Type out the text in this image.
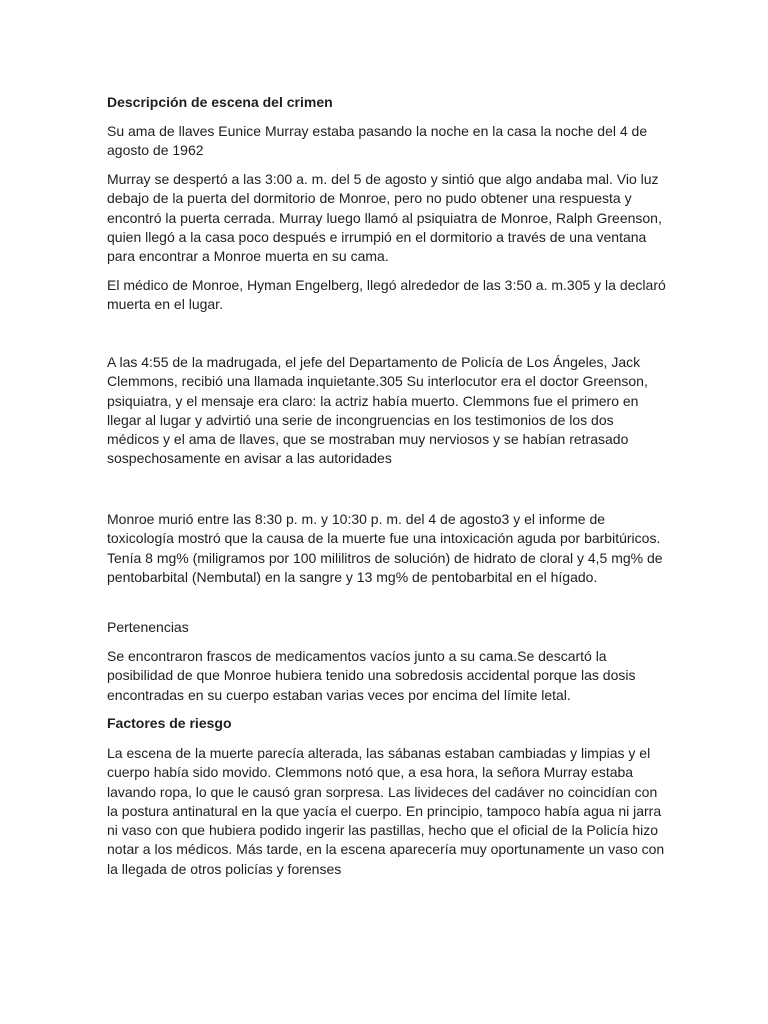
Descripción de escena del crimen

Su ama de llaves Eunice Murray estaba pasando la noche en la casa la noche del 4 de agosto de 1962

Murray se despertó a las 3:00 a. m. del 5 de agosto y sintió que algo andaba mal. Vio luz debajo de la puerta del dormitorio de Monroe, pero no pudo obtener una respuesta y encontró la puerta cerrada. Murray luego llamó al psiquiatra de Monroe, Ralph Greenson, quien llegó a la casa poco después e irrumpió en el dormitorio a través de una ventana para encontrar a Monroe muerta en su cama.

El médico de Monroe, Hyman Engelberg, llegó alrededor de las 3:50 a. m.305 y la declaró muerta en el lugar.

A las 4:55 de la madrugada, el jefe del Departamento de Policía de Los Ángeles, Jack Clemmons, recibió una llamada inquietante.305 Su interlocutor era el doctor Greenson, psiquiatra, y el mensaje era claro: la actriz había muerto. Clemmons fue el primero en llegar al lugar y advirtió una serie de incongruencias en los testimonios de los dos médicos y el ama de llaves, que se mostraban muy nerviosos y se habían retrasado sospechosamente en avisar a las autoridades

Monroe murió entre las 8:30 p. m. y 10:30 p. m. del 4 de agosto3 y el informe de toxicología mostró que la causa de la muerte fue una intoxicación aguda por barbitúricos. Tenía 8 mg% (miligramos por 100 mililitros de solución) de hidrato de cloral y 4,5 mg% de pentobarbital (Nembutal) en la sangre y 13 mg% de pentobarbital en el hígado.

Pertenencias

Se encontraron frascos de medicamentos vacíos junto a su cama.Se descartó la posibilidad de que Monroe hubiera tenido una sobredosis accidental porque las dosis encontradas en su cuerpo estaban varias veces por encima del límite letal.

Factores de riesgo

La escena de la muerte parecía alterada, las sábanas estaban cambiadas y limpias y el cuerpo había sido movido. Clemmons notó que, a esa hora, la señora Murray estaba lavando ropa, lo que le causó gran sorpresa. Las livideces del cadáver no coincidían con la postura antinatural en la que yacía el cuerpo. En principio, tampoco había agua ni jarra ni vaso con que hubiera podido ingerir las pastillas, hecho que el oficial de la Policía hizo notar a los médicos. Más tarde, en la escena aparecería muy oportunamente un vaso con la llegada de otros policías y forenses
